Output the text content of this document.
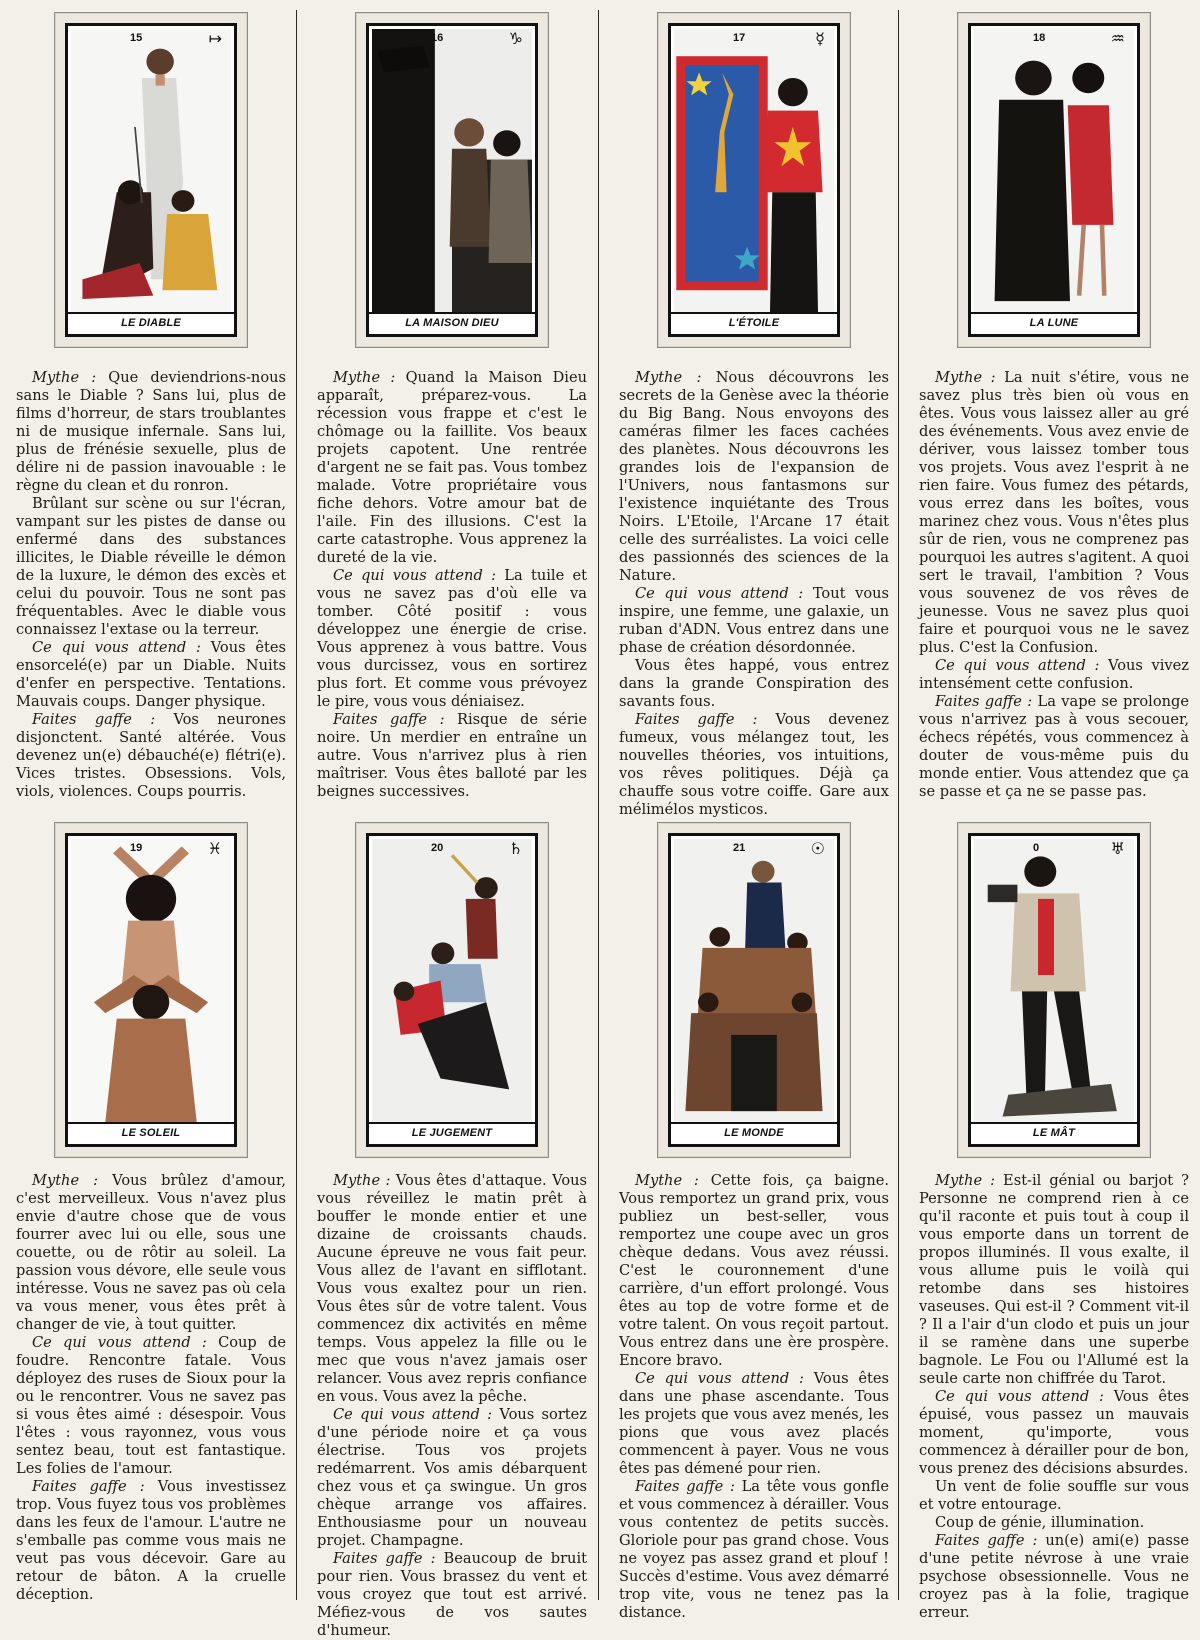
15	↦
LE DIABLE

Mythe : Que deviendrions-nous sans le Diable ? Sans lui, plus de films d'horreur, de stars troublantes ni de musique infernale. Sans lui, plus de frénésie sexuelle, plus de délire ni de passion inavouable : le règne du clean et du ronron.

Brûlant sur scène ou sur l'écran, vampant sur les pistes de danse ou enfermé dans des substances illicites, le Diable réveille le démon de la luxure, le démon des excès et celui du pouvoir. Tous ne sont pas fréquentables. Avec le diable vous connaissez l'extase ou la terreur.

Ce qui vous attend : Vous êtes ensorcelé(e) par un Diable. Nuits d'enfer en perspective. Tentations. Mauvais coups. Danger physique.

Faites gaffe : Vos neurones disjonctent. Santé altérée. Vous devenez un(e) débauché(e) flétri(e). Vices tristes. Obsessions. Vols, viols, violences. Coups pourris.

19	♓
LE SOLEIL

Mythe : Vous brûlez d'amour, c'est merveilleux. Vous n'avez plus envie d'autre chose que de vous fourrer avec lui ou elle, sous une couette, ou de rôtir au soleil. La passion vous dévore, elle seule vous intéresse. Vous ne savez pas où cela va vous mener, vous êtes prêt à changer de vie, à tout quitter.

Ce qui vous attend : Coup de foudre. Rencontre fatale. Vous déployez des ruses de Sioux pour la ou le rencontrer. Vous ne savez pas si vous êtes aimé : désespoir. Vous l'êtes : vous rayonnez, vous vous sentez beau, tout est fantastique. Les folies de l'amour.

Faites gaffe : Vous investissez trop. Vous fuyez tous vos problèmes dans les feux de l'amour. L'autre ne s'emballe pas comme vous mais ne veut pas vous décevoir. Gare au retour de bâton. A la cruelle déception.

16	♑
LA MAISON DIEU

Mythe : Quand la Maison Dieu apparaît, préparez-vous. La récession vous frappe et c'est le chômage ou la faillite. Vos beaux projets capotent. Une rentrée d'argent ne se fait pas. Vous tombez malade. Votre propriétaire vous fiche dehors. Votre amour bat de l'aile. Fin des illusions. C'est la carte catastrophe. Vous apprenez la dureté de la vie.

Ce qui vous attend : La tuile et vous ne savez pas d'où elle va tomber. Côté positif : vous développez une énergie de crise. Vous apprenez à vous battre. Vous vous durcissez, vous en sortirez plus fort. Et comme vous prévoyez le pire, vous vous déniaisez.

Faites gaffe : Risque de série noire. Un merdier en entraîne un autre. Vous n'arrivez plus à rien maîtriser. Vous êtes balloté par les beignes successives.

20	♄
LE JUGEMENT

Mythe : Vous êtes d'attaque. Vous vous réveillez le matin prêt à bouffer le monde entier et une dizaine de croissants chauds. Aucune épreuve ne vous fait peur. Vous allez de l'avant en sifflotant. Vous vous exaltez pour un rien. Vous êtes sûr de votre talent. Vous commencez dix activités en même temps. Vous appelez la fille ou le mec que vous n'avez jamais oser relancer. Vous avez repris confiance en vous. Vous avez la pêche.

Ce qui vous attend : Vous sortez d'une période noire et ça vous électrise. Tous vos projets redémarrent. Vos amis débarquent chez vous et ça swingue. Un gros chèque arrange vos affaires. Enthousiasme pour un nouveau projet. Champagne.

Faites gaffe : Beaucoup de bruit pour rien. Vous brassez du vent et vous croyez que tout est arrivé. Méfiez-vous de vos sautes d'humeur.

17	☿
L'ÉTOILE

Mythe : Nous découvrons les secrets de la Genèse avec la théorie du Big Bang. Nous envoyons des caméras filmer les faces cachées des planètes. Nous découvrons les grandes lois de l'expansion de l'Univers, nous fantasmons sur l'existence inquiétante des Trous Noirs. L'Etoile, l'Arcane 17 était celle des surréalistes. La voici celle des passionnés des sciences de la Nature.

Ce qui vous attend : Tout vous inspire, une femme, une galaxie, un ruban d'ADN. Vous entrez dans une phase de création désordonnée.

Vous êtes happé, vous entrez dans la grande Conspiration des savants fous.

Faites gaffe : Vous devenez fumeux, vous mélangez tout, les nouvelles théories, vos intuitions, vos rêves politiques. Déjà ça chauffe sous votre coiffe. Gare aux mélimélos mysticos.

21	☉
LE MONDE

Mythe : Cette fois, ça baigne. Vous remportez un grand prix, vous publiez un best-seller, vous remportez une coupe avec un gros chèque dedans. Vous avez réussi. C'est le couronnement d'une carrière, d'un effort prolongé. Vous êtes au top de votre forme et de votre talent. On vous reçoit partout. Vous entrez dans une ère prospère. Encore bravo.

Ce qui vous attend : Vous êtes dans une phase ascendante. Tous les projets que vous avez menés, les pions que vous avez placés commencent à payer. Vous ne vous êtes pas démené pour rien.

Faites gaffe : La tête vous gonfle et vous commencez à dérailler. Vous vous contentez de petits succès. Gloriole pour pas grand chose. Vous ne voyez pas assez grand et plouf ! Succès d'estime. Vous avez démarré trop vite, vous ne tenez pas la distance.

18	♒
LA LUNE

Mythe : La nuit s'étire, vous ne savez plus très bien où vous en êtes. Vous vous laissez aller au gré des événements. Vous avez envie de dériver, vous laissez tomber tous vos projets. Vous avez l'esprit à ne rien faire. Vous fumez des pétards, vous errez dans les boîtes, vous marinez chez vous. Vous n'êtes plus sûr de rien, vous ne comprenez pas pourquoi les autres s'agitent. A quoi sert le travail, l'ambition ? Vous vous souvenez de vos rêves de jeunesse. Vous ne savez plus quoi faire et pourquoi vous ne le savez plus. C'est la Confusion.

Ce qui vous attend : Vous vivez intensément cette confusion.

Faites gaffe : La vape se prolonge vous n'arrivez pas à vous secouer, échecs répétés, vous commencez à douter de vous-même puis du monde entier. Vous attendez que ça se passe et ça ne se passe pas.

0	♅
LE MÂT

Mythe : Est-il génial ou barjot ? Personne ne comprend rien à ce qu'il raconte et puis tout à coup il vous emporte dans un torrent de propos illuminés. Il vous exalte, il vous allume puis le voilà qui retombe dans ses histoires vaseuses. Qui est-il ? Comment vit-il ? Il a l'air d'un clodo et puis un jour il se ramène dans une superbe bagnole. Le Fou ou l'Allumé est la seule carte non chiffrée du Tarot.

Ce qui vous attend : Vous êtes épuisé, vous passez un mauvais moment, qu'importe, vous commencez à dérailler pour de bon, vous prenez des décisions absurdes.

Un vent de folie souffle sur vous et votre entourage.

Coup de génie, illumination.

Faites gaffe : un(e) ami(e) passe d'une petite névrose à une vraie psychose obsessionnelle. Vous ne croyez pas à la folie, tragique erreur.
